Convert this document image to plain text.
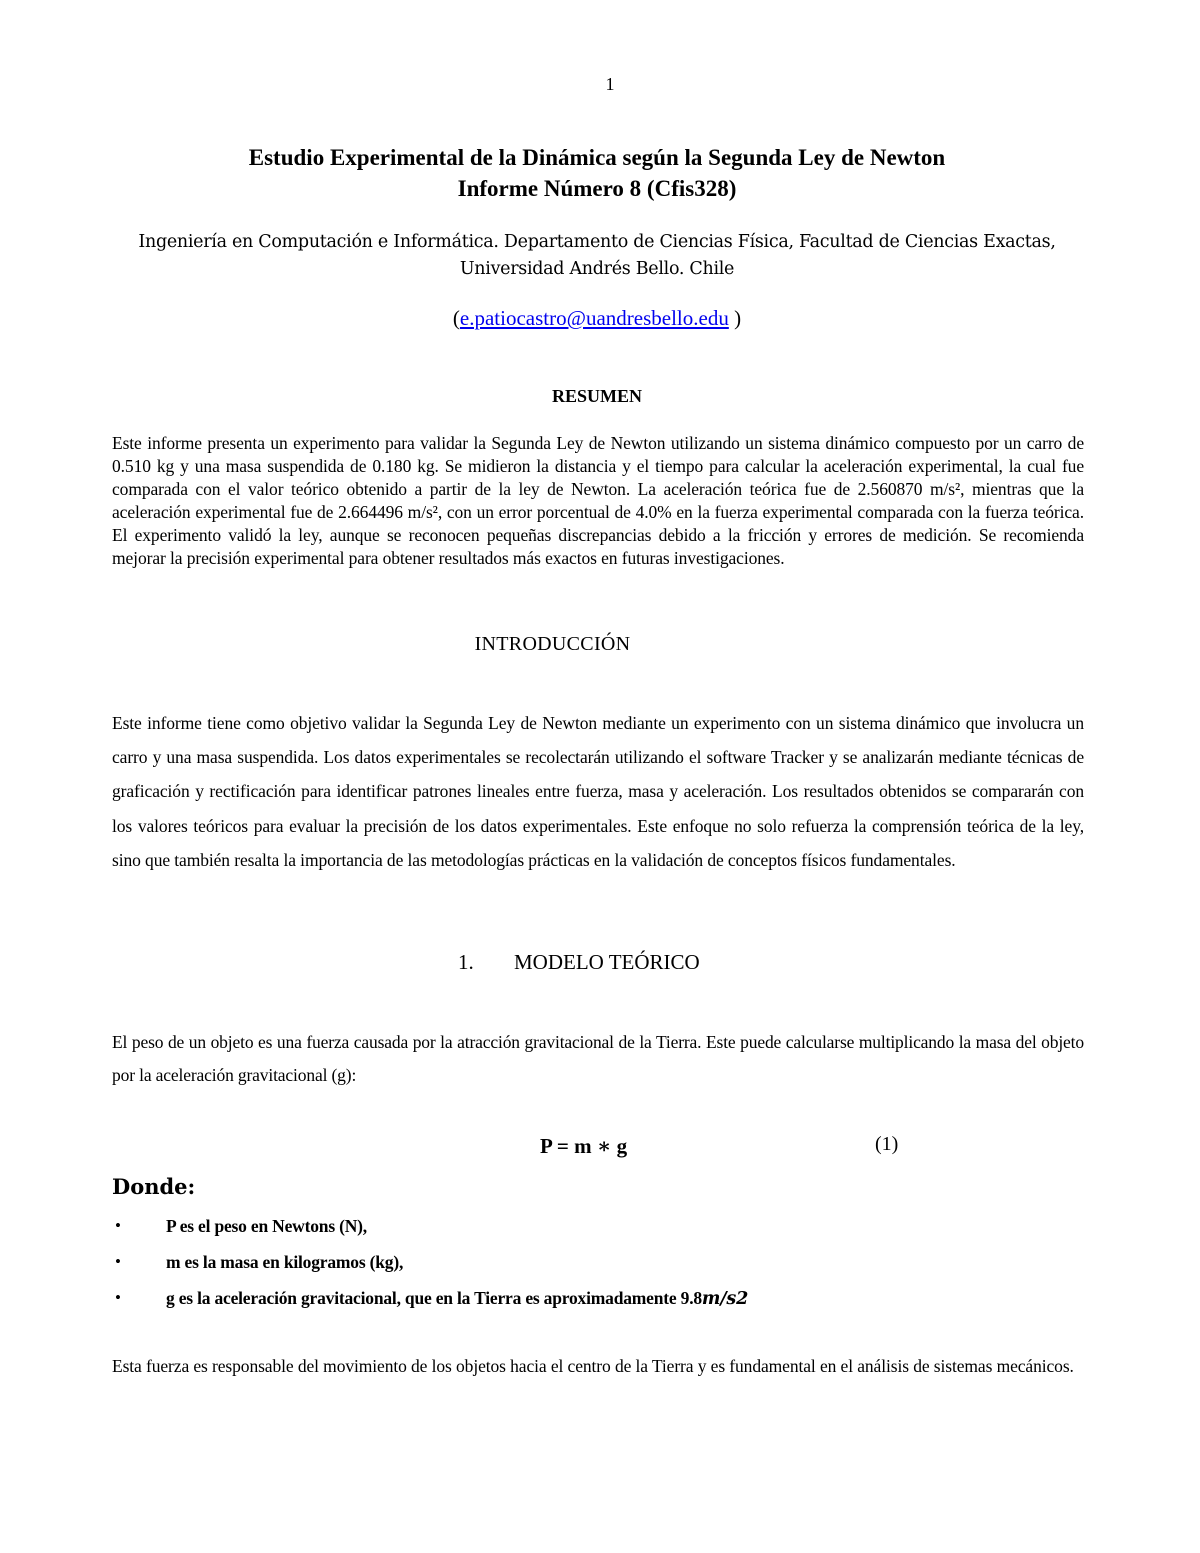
1
Estudio Experimental de la Dinámica según la Segunda Ley de Newton
Informe Número 8 (Cfis328)
Ingeniería en Computación e Informática. Departamento de Ciencias Física, Facultad de Ciencias Exactas,
Universidad Andrés Bello. Chile
(e.patiocastro@uandresbello.edu )
RESUMEN
Este informe presenta un experimento para validar la Segunda Ley de Newton utilizando un sistema dinámico compuesto por un carro de 0.510 kg y una masa suspendida de 0.180 kg. Se midieron la distancia y el tiempo para calcular la aceleración experimental, la cual fue comparada con el valor teórico obtenido a partir de la ley de Newton. La aceleración teórica fue de 2.560870 m/s², mientras que la aceleración experimental fue de 2.664496 m/s², con un error porcentual de 4.0% en la fuerza experimental comparada con la fuerza teórica. El experimento validó la ley, aunque se reconocen pequeñas discrepancias debido a la fricción y errores de medición. Se recomienda mejorar la precisión experimental para obtener resultados más exactos en futuras investigaciones.
INTRODUCCIÓN
Este informe tiene como objetivo validar la Segunda Ley de Newton mediante un experimento con un sistema dinámico que involucra un carro y una masa suspendida. Los datos experimentales se recolectarán utilizando el software Tracker y se analizarán mediante técnicas de graficación y rectificación para identificar patrones lineales entre fuerza, masa y aceleración. Los resultados obtenidos se compararán con los valores teóricos para evaluar la precisión de los datos experimentales. Este enfoque no solo refuerza la comprensión teórica de la ley, sino que también resalta la importancia de las metodologías prácticas en la validación de conceptos físicos fundamentales.
1. MODELO TEÓRICO
El peso de un objeto es una fuerza causada por la atracción gravitacional de la Tierra. Este puede calcularse multiplicando la masa del objeto por la aceleración gravitacional (g):
P = m ∗ g	(1)
Donde:
•	P es el peso en Newtons (N),
•	m es la masa en kilogramos (kg),
•	g es la aceleración gravitacional, que en la Tierra es aproximadamente 9.8m/s2
Esta fuerza es responsable del movimiento de los objetos hacia el centro de la Tierra y es fundamental en el análisis de sistemas mecánicos.
